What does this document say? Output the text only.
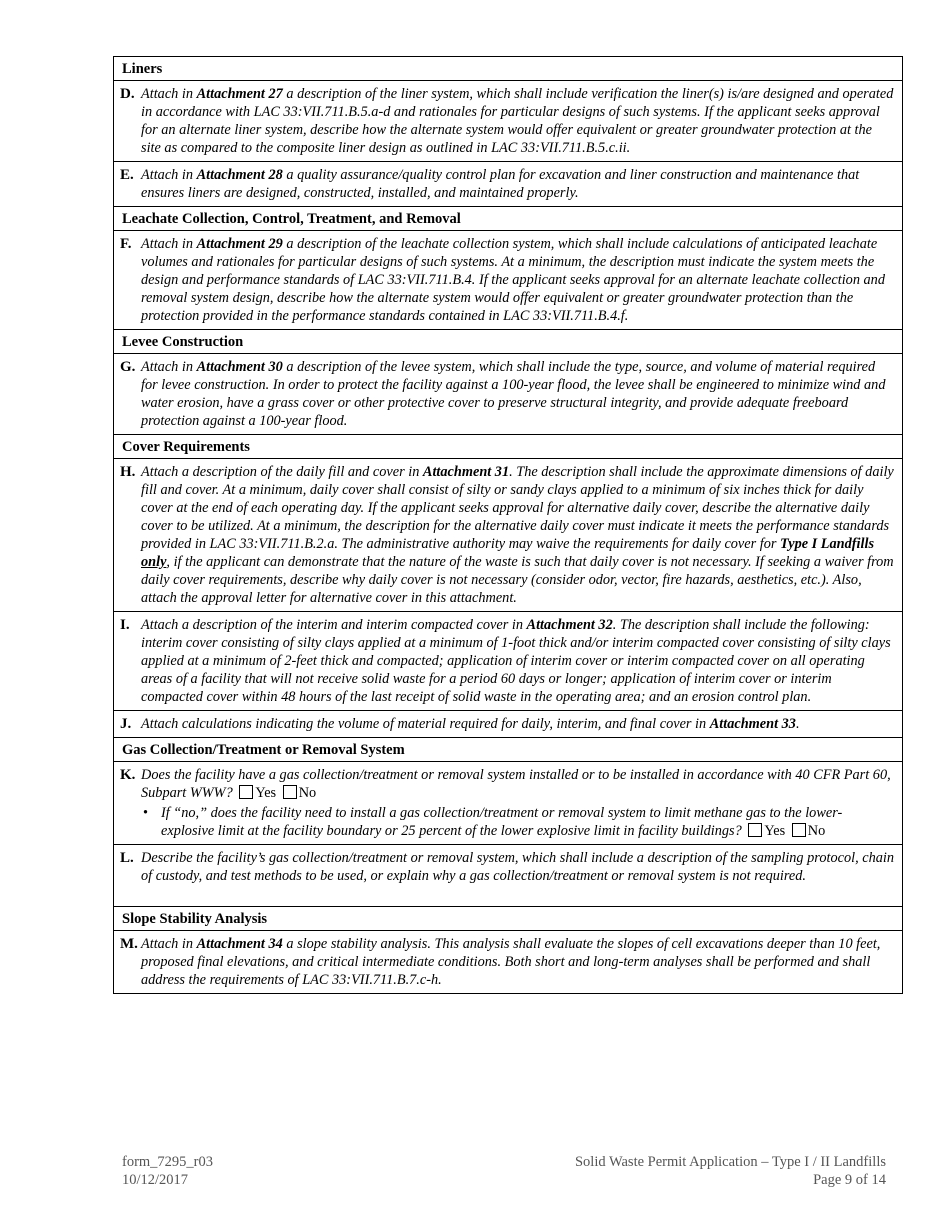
Liners
D. Attach in Attachment 27 a description of the liner system, which shall include verification the liner(s) is/are designed and operated in accordance with LAC 33:VII.711.B.5.a-d and rationales for particular designs of such systems. If the applicant seeks approval for an alternate liner system, describe how the alternate system would offer equivalent or greater groundwater protection at the site as compared to the composite liner design as outlined in LAC 33:VII.711.B.5.c.ii.
E. Attach in Attachment 28 a quality assurance/quality control plan for excavation and liner construction and maintenance that ensures liners are designed, constructed, installed, and maintained properly.
Leachate Collection, Control, Treatment, and Removal
F. Attach in Attachment 29 a description of the leachate collection system, which shall include calculations of anticipated leachate volumes and rationales for particular designs of such systems. At a minimum, the description must indicate the system meets the design and performance standards of LAC 33:VII.711.B.4. If the applicant seeks approval for an alternate leachate collection and removal system design, describe how the alternate system would offer equivalent or greater groundwater protection than the protection provided in the performance standards contained in LAC 33:VII.711.B.4.f.
Levee Construction
G. Attach in Attachment 30 a description of the levee system, which shall include the type, source, and volume of material required for levee construction. In order to protect the facility against a 100-year flood, the levee shall be engineered to minimize wind and water erosion, have a grass cover or other protective cover to preserve structural integrity, and provide adequate freeboard protection against a 100-year flood.
Cover Requirements
H. Attach a description of the daily fill and cover in Attachment 31. The description shall include the approximate dimensions of daily fill and cover. At a minimum, daily cover shall consist of silty or sandy clays applied to a minimum of six inches thick for daily cover at the end of each operating day. If the applicant seeks approval for alternative daily cover, describe the alternative daily cover to be utilized. At a minimum, the description for the alternative daily cover must indicate it meets the performance standards provided in LAC 33:VII.711.B.2.a. The administrative authority may waive the requirements for daily cover for Type I Landfills only, if the applicant can demonstrate that the nature of the waste is such that daily cover is not necessary. If seeking a waiver from daily cover requirements, describe why daily cover is not necessary (consider odor, vector, fire hazards, aesthetics, etc.). Also, attach the approval letter for alternative cover in this attachment.
I. Attach a description of the interim and interim compacted cover in Attachment 32. The description shall include the following: interim cover consisting of silty clays applied at a minimum of 1-foot thick and/or interim compacted cover consisting of silty clays applied at a minimum of 2-feet thick and compacted; application of interim cover or interim compacted cover on all operating areas of a facility that will not receive solid waste for a period 60 days or longer; application of interim cover or interim compacted cover within 48 hours of the last receipt of solid waste in the operating area; and an erosion control plan.
J. Attach calculations indicating the volume of material required for daily, interim, and final cover in Attachment 33.
Gas Collection/Treatment or Removal System
K. Does the facility have a gas collection/treatment or removal system installed or to be installed in accordance with 40 CFR Part 60, Subpart WWW? Yes No
• If “no,” does the facility need to install a gas collection/treatment or removal system to limit methane gas to the lower-explosive limit at the facility boundary or 25 percent of the lower explosive limit in facility buildings? Yes No
L. Describe the facility’s gas collection/treatment or removal system, which shall include a description of the sampling protocol, chain of custody, and test methods to be used, or explain why a gas collection/treatment or removal system is not required.
Slope Stability Analysis
M. Attach in Attachment 34 a slope stability analysis. This analysis shall evaluate the slopes of cell excavations deeper than 10 feet, proposed final elevations, and critical intermediate conditions. Both short and long-term analyses shall be performed and shall address the requirements of LAC 33:VII.711.B.7.c-h.
form_7295_r03
10/12/2017
Solid Waste Permit Application – Type I / II Landfills
Page 9 of 14
